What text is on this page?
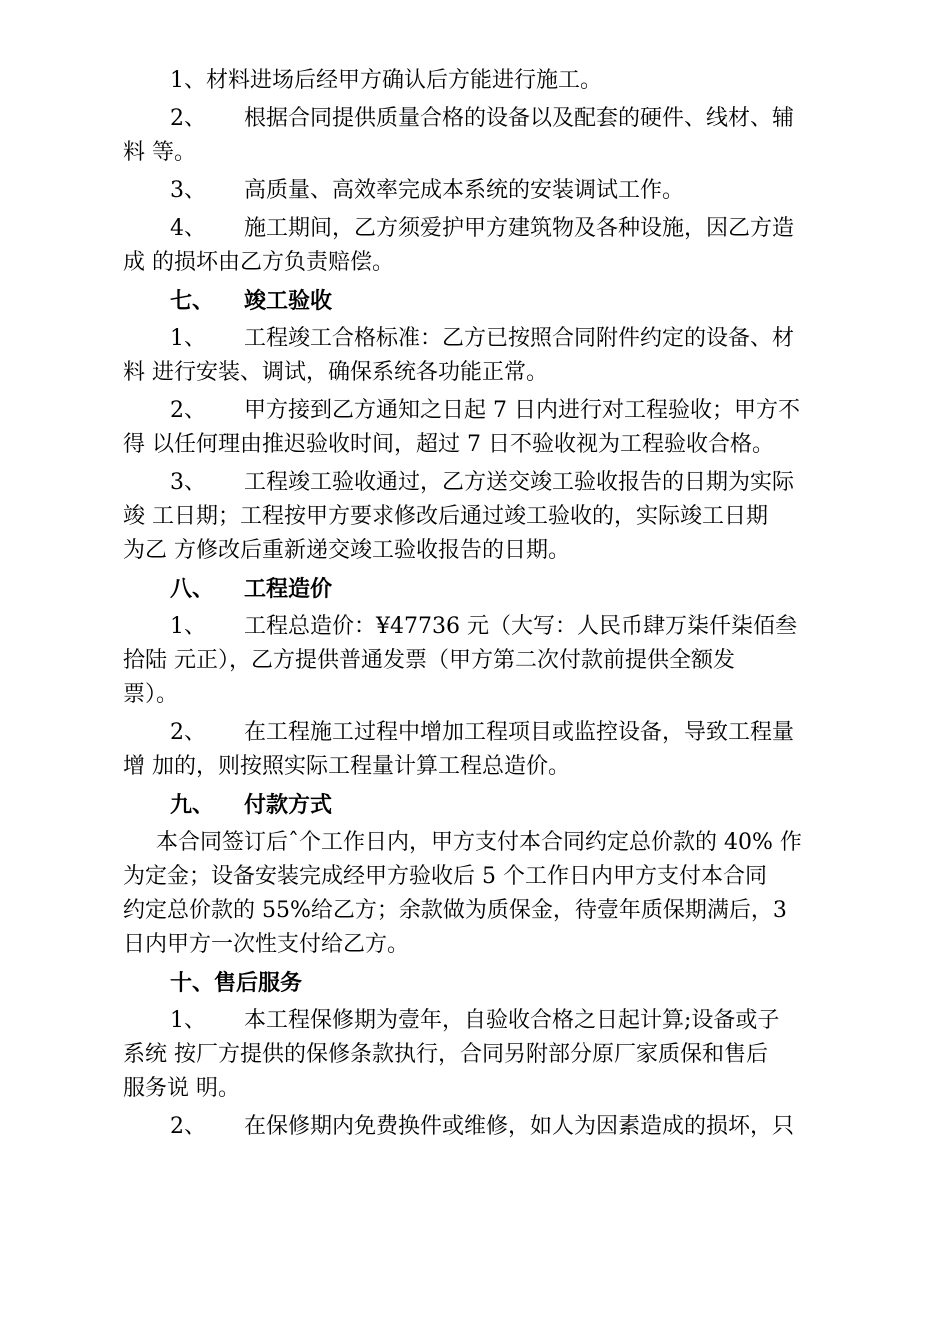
1、材料进场后经甲方确认后方能进行施工。
2、 根据合同提供质量合格的设备以及配套的硬件、线材、辅
料 等。
3、 高质量、高效率完成本系统的安装调试工作。
4、 施工期间，乙方须爱护甲方建筑物及各种设施，因乙方造
成 的损坏由乙方负责赔偿。
七、 竣工验收
1、 工程竣工合格标准：乙方已按照合同附件约定的设备、材
料 进行安装、调试，确保系统各功能正常。
2、 甲方接到乙方通知之日起 7 日内进行对工程验收；甲方不
得 以任何理由推迟验收时间，超过 7 日不验收视为工程验收合格。
3、 工程竣工验收通过，乙方送交竣工验收报告的日期为实际
竣 工日期；工程按甲方要求修改后通过竣工验收的，实际竣工日期
为乙 方修改后重新递交竣工验收报告的日期。
八、 工程造价
1、 工程总造价：¥47736 元（大写：人民币肆万柒仟柒佰叁
拾陆 元正），乙方提供普通发票（甲方第二次付款前提供全额发
票）。
2、 在工程施工过程中增加工程项目或监控设备，导致工程量
增 加的，则按照实际工程量计算工程总造价。
九、 付款方式
本合同签订后ˆ个工作日内，甲方支付本合同约定总价款的 40% 作
为定金；设备安装完成经甲方验收后 5 个工作日内甲方支付本合同
约定总价款的 55%给乙方；余款做为质保金，待壹年质保期满后，3
日内甲方一次性支付给乙方。
十、售后服务
1、 本工程保修期为壹年，自验收合格之日起计算;设备或子
系统 按厂方提供的保修条款执行，合同另附部分原厂家质保和售后
服务说 明。
2、 在保修期内免费换件或维修，如人为因素造成的损坏，只
